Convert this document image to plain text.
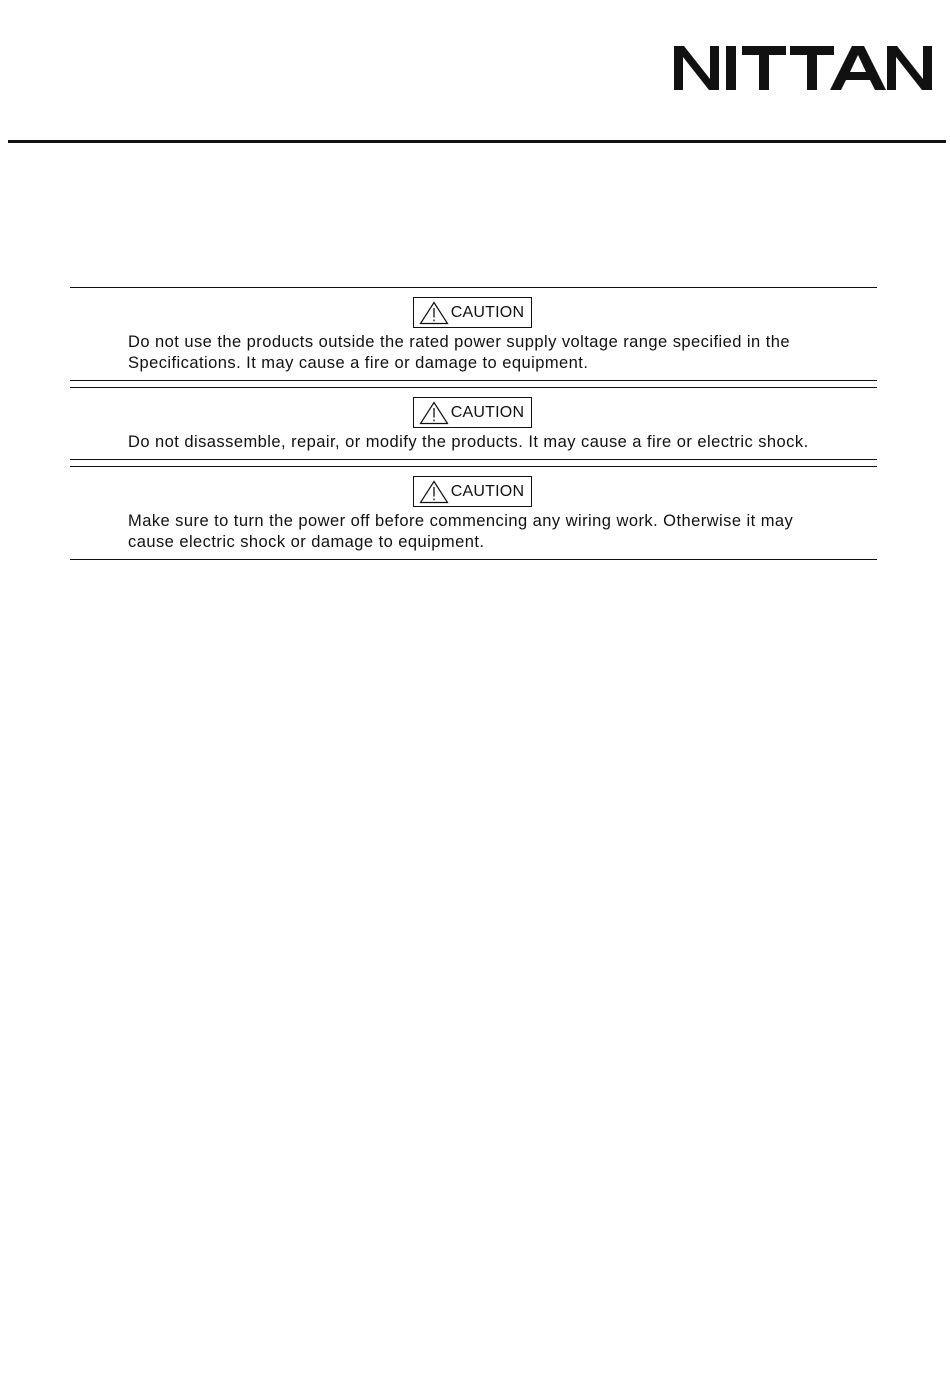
CAUTION
Do not use the products outside the rated power supply voltage range specified in the Specifications. It may cause a fire or damage to equipment.
CAUTION
Do not disassemble, repair, or modify the products. It may cause a fire or electric shock.
CAUTION
Make sure to turn the power off before commencing any wiring work. Otherwise it may cause electric shock or damage to equipment.
